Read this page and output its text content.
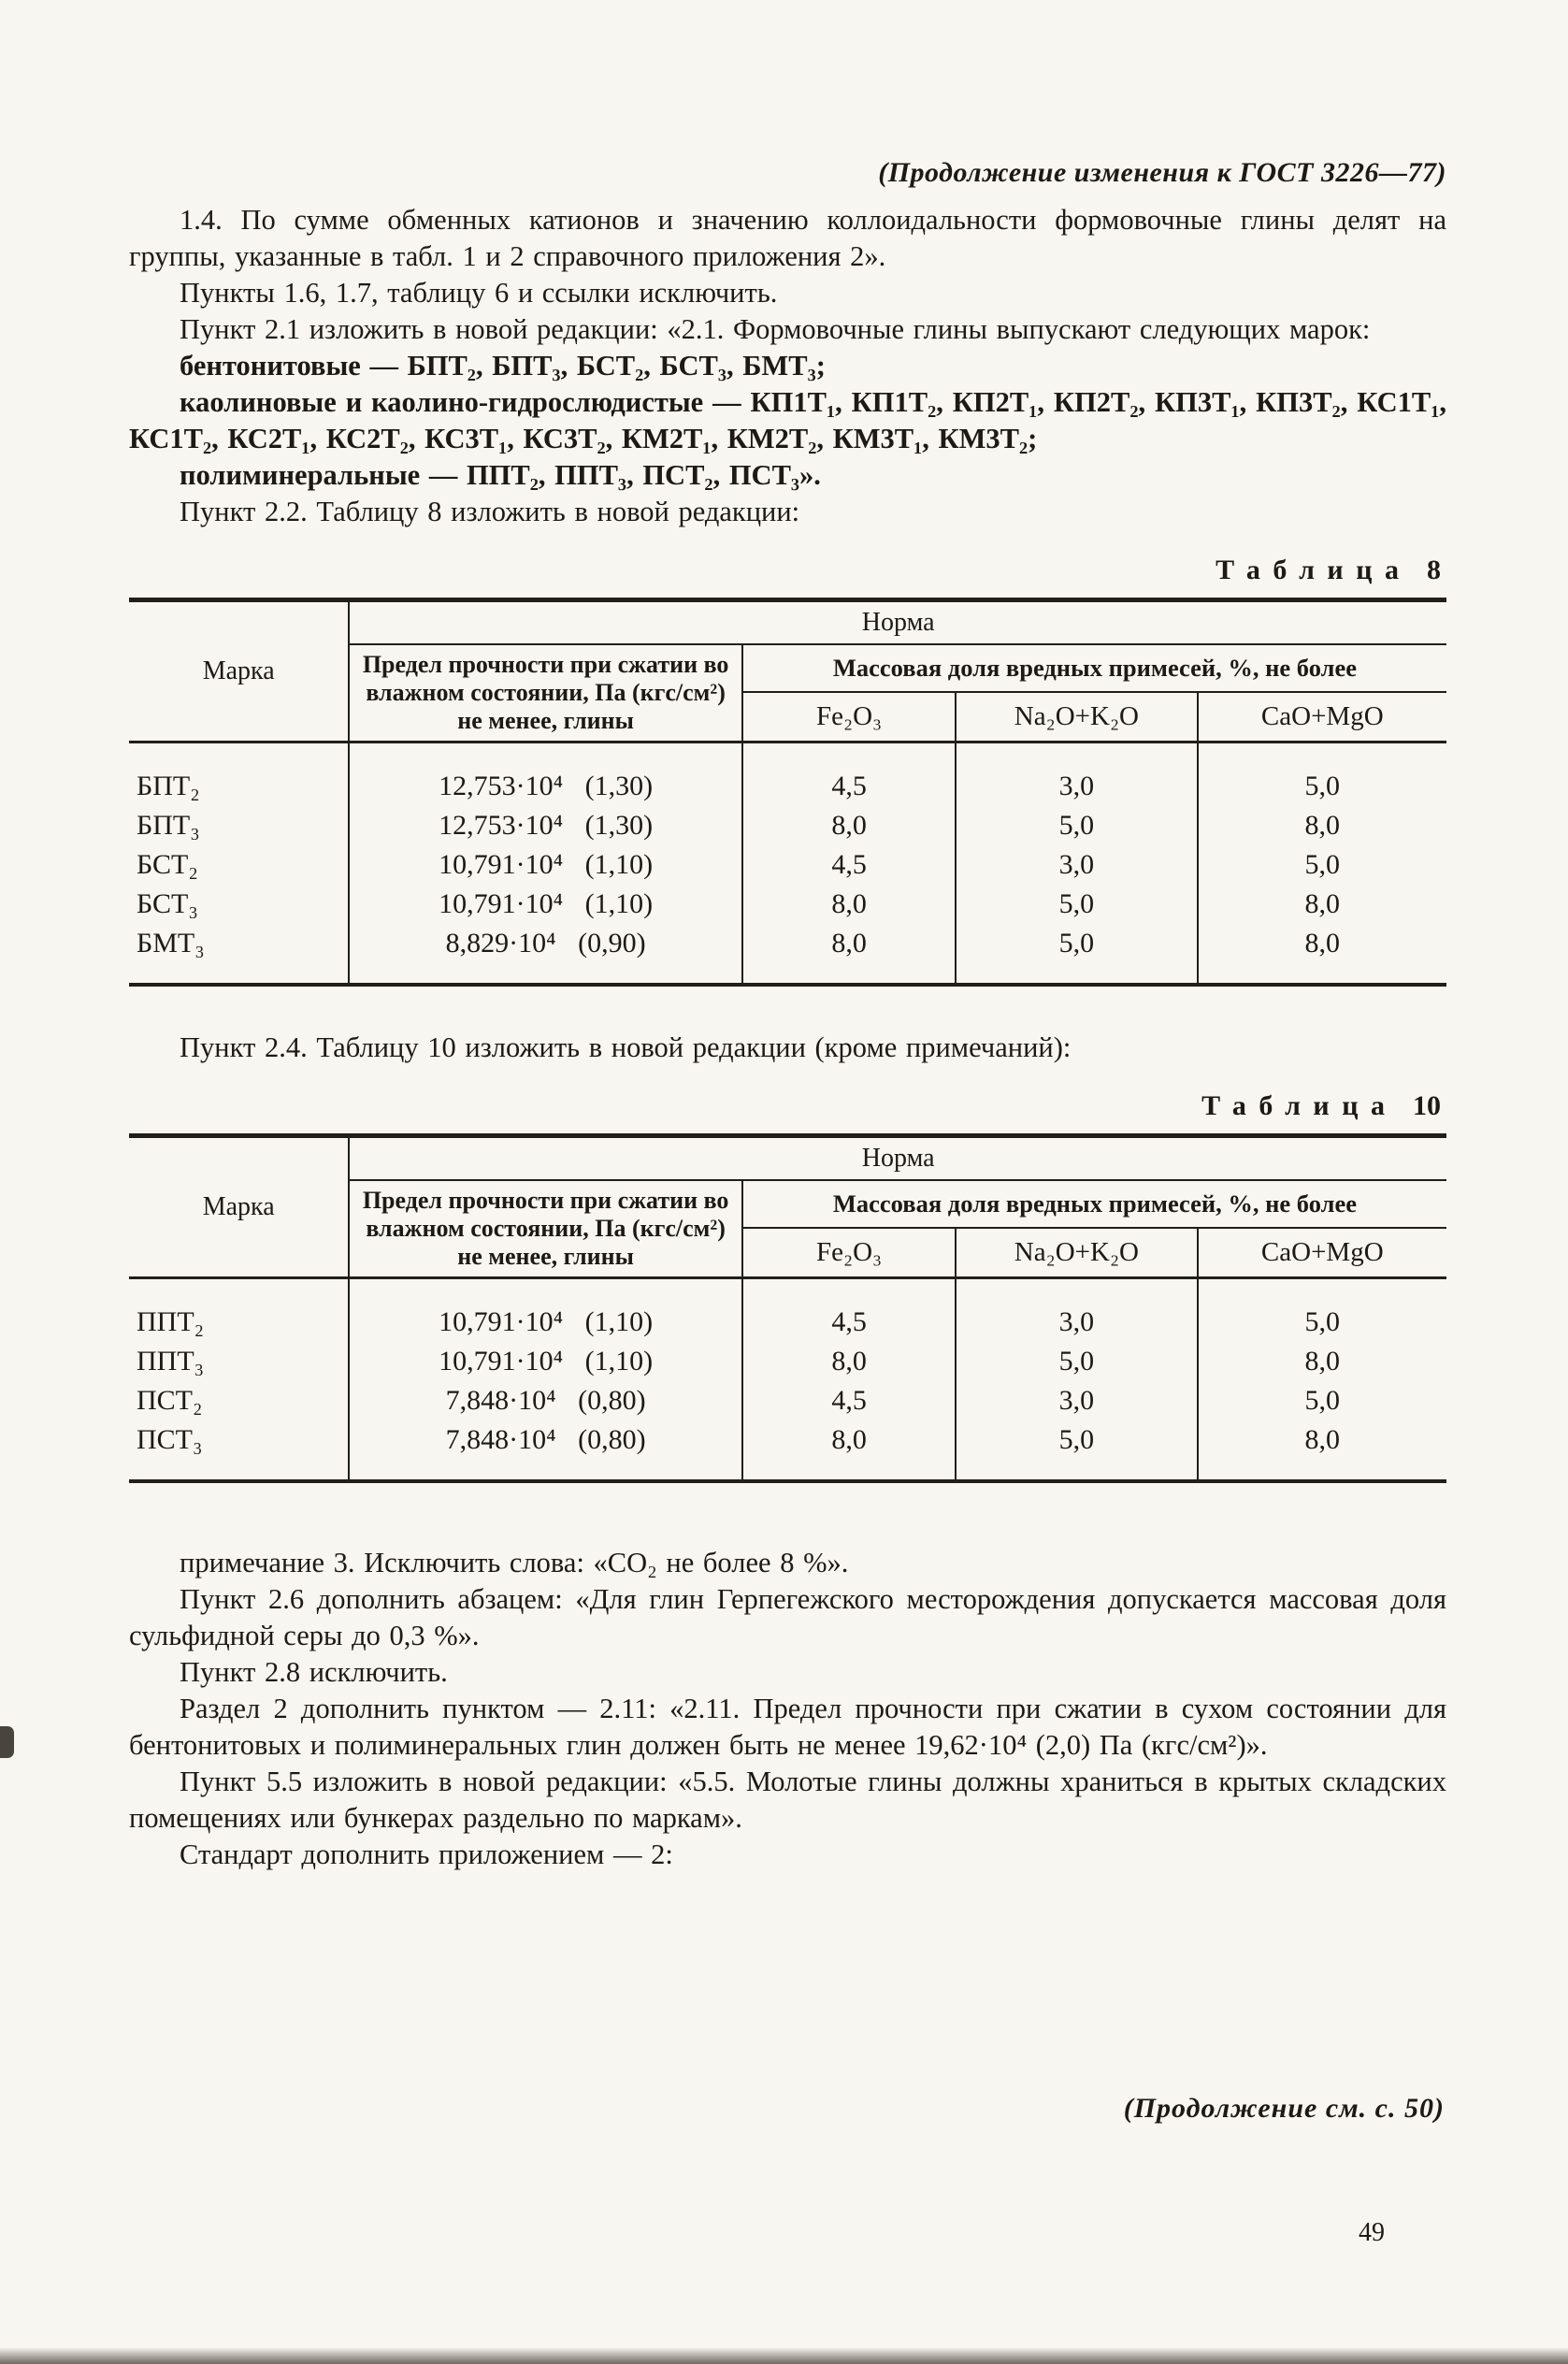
(Продолжение изменения к ГОСТ 3226—77)

1.4. По сумме обменных катионов и значению коллоидальности формовочные глины делят на группы, указанные в табл. 1 и 2 справочного приложения 2».

Пункты 1.6, 1.7, таблицу 6 и ссылки исключить.

Пункт 2.1 изложить в новой редакции: «2.1. Формовочные глины выпускают следующих марок:

бентонитовые — БПТ₂, БПТ₃, БСТ₂, БСТ₃, БМТ₃;

каолиновые и каолино-гидрослюдистые — КП1Т₁, КП1Т₂, КП2Т₁, КП2Т₂, КП3Т₁, КП3Т₂, КС1Т₁, КС1Т₂, КС2Т₁, КС2Т₂, КС3Т₁, КС3Т₂, КМ2Т₁, КМ2Т₂, КМ3Т₁, КМ3Т₂;

полиминеральные — ППТ₂, ППТ₃, ПСТ₂, ПСТ₃».

Пункт 2.2. Таблицу 8 изложить в новой редакции:

Таблица 8

Марка	Норма			
	Предел прочности при сжатии во влажном состоянии, Па (кгс/см²) не менее, глины	Массовая доля вредных примесей, %, не более		
		Fe₂O₃	Na₂O+K₂O	CaO+MgO
БПТ₂	12,753·10⁴ (1,30)	4,5	3,0	5,0
БПТ₃	12,753·10⁴ (1,30)	8,0	5,0	8,0
БСТ₂	10,791·10⁴ (1,10)	4,5	3,0	5,0
БСТ₃	10,791·10⁴ (1,10)	8,0	5,0	8,0
БМТ₃	8,829·10⁴ (0,90)	8,0	5,0	8,0

Пункт 2.4. Таблицу 10 изложить в новой редакции (кроме примечаний):

Таблица 10

Марка	Норма			
	Предел прочности при сжатии во влажном состоянии, Па (кгс/см²) не менее, глины	Массовая доля вредных примесей, %, не более		
		Fe₂O₃	Na₂O+K₂O	CaO+MgO
ППТ₂	10,791·10⁴ (1,10)	4,5	3,0	5,0
ППТ₃	10,791·10⁴ (1,10)	8,0	5,0	8,0
ПСТ₂	7,848·10⁴ (0,80)	4,5	3,0	5,0
ПСТ₃	7,848·10⁴ (0,80)	8,0	5,0	8,0

примечание 3. Исключить слова: «СО₂ не более 8 %».

Пункт 2.6 дополнить абзацем: «Для глин Герпегежского месторождения допускается массовая доля сульфидной серы до 0,3 %».

Пункт 2.8 исключить.

Раздел 2 дополнить пунктом — 2.11: «2.11. Предел прочности при сжатии в сухом состоянии для бентонитовых и полиминеральных глин должен быть не менее 19,62·10⁴ (2,0) Па (кгс/см²)».

Пункт 5.5 изложить в новой редакции: «5.5. Молотые глины должны храниться в крытых складских помещениях или бункерах раздельно по маркам».

Стандарт дополнить приложением — 2:

(Продолжение см. с. 50)

49
